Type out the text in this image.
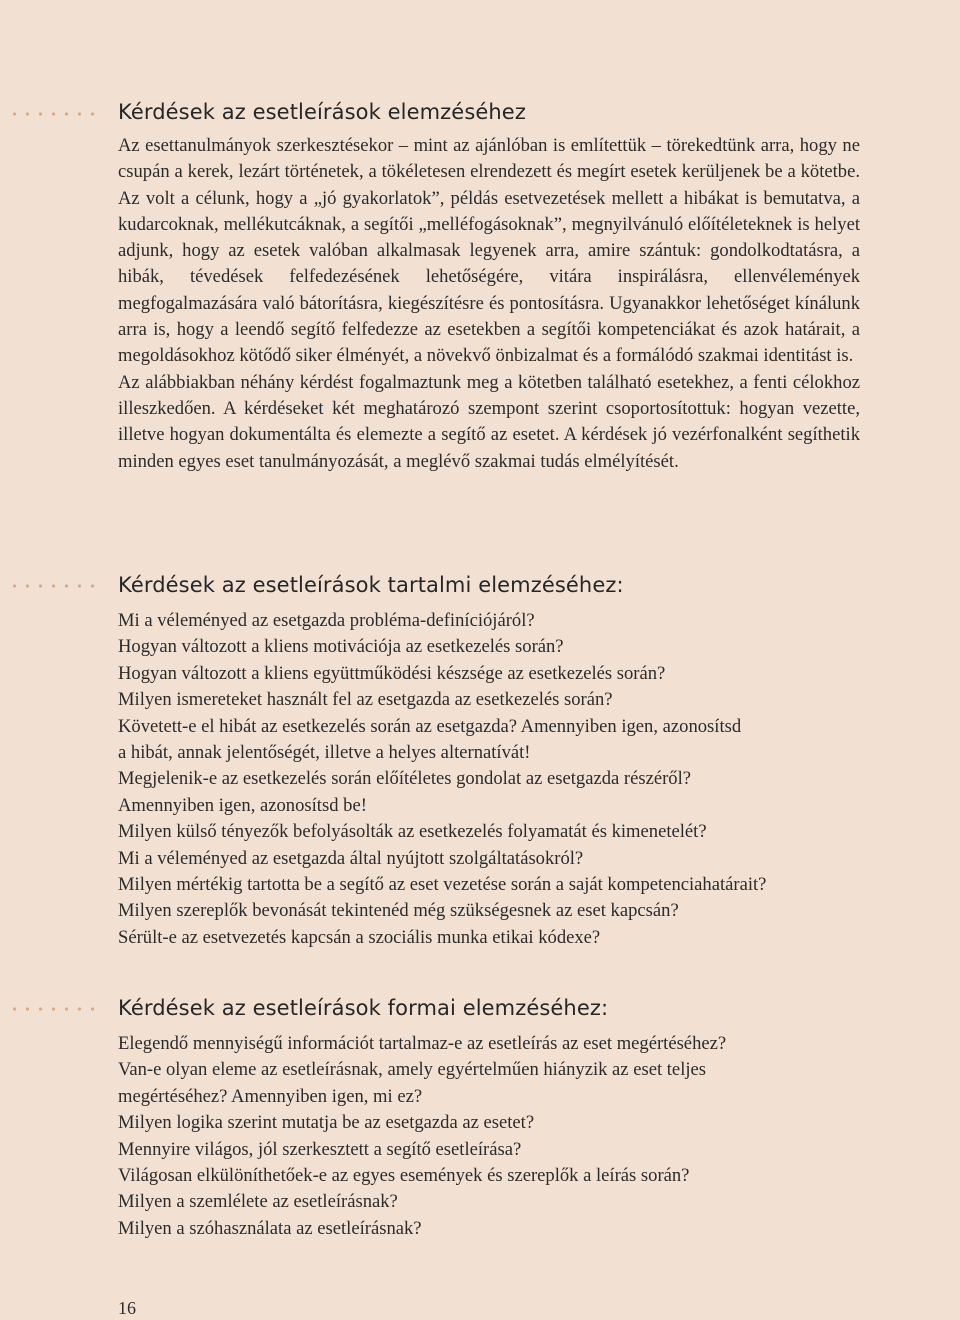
Kérdések az esetleírások elemzéséhez

Az esettanulmányok szerkesztésekor – mint az ajánlóban is említettük – törekedtünk arra, hogy ne csupán a kerek, lezárt történetek, a tökéletesen elrendezett és megírt esetek kerüljenek be a kötetbe. Az volt a célunk, hogy a „jó gyakorlatok”, példás esetvezetések mellett a hibákat is bemutatva, a kudarcoknak, mellékutcáknak, a segítői „melléfogásoknak”, megnyilvánuló előítéleteknek is helyet adjunk, hogy az esetek valóban alkalmasak legyenek arra, amire szántuk: gondolkodtatásra, a hibák, tévedések felfedezésének lehetőségére, vitára inspirálásra, ellenvélemények megfogalmazására való bátorításra, kiegészítésre és pontosításra. Ugyanakkor lehetőséget kínálunk arra is, hogy a leendő segítő felfedezze az esetekben a segítői kompetenciákat és azok határait, a megoldásokhoz kötődő siker élményét, a növekvő önbizalmat és a formálódó szakmai identitást is.

Az alábbiakban néhány kérdést fogalmaztunk meg a kötetben található esetekhez, a fenti célokhoz illeszkedően. A kérdéseket két meghatározó szempont szerint csoportosítottuk: hogyan vezette, illetve hogyan dokumentálta és elemezte a segítő az esetet. A kérdések jó vezérfonalként segíthetik minden egyes eset tanulmányozását, a meglévő szakmai tudás elmélyítését.

Kérdések az esetleírások tartalmi elemzéséhez:
Mi a véleményed az esetgazda probléma-definíciójáról?
Hogyan változott a kliens motivációja az esetkezelés során?
Hogyan változott a kliens együttműködési készsége az esetkezelés során?
Milyen ismereteket használt fel az esetgazda az esetkezelés során?
Követett-e el hibát az esetkezelés során az esetgazda? Amennyiben igen, azonosítsd
a hibát, annak jelentőségét, illetve a helyes alternatívát!
Megjelenik-e az esetkezelés során előítéletes gondolat az esetgazda részéről?
Amennyiben igen, azonosítsd be!
Milyen külső tényezők befolyásolták az esetkezelés folyamatát és kimenetelét?
Mi a véleményed az esetgazda által nyújtott szolgáltatásokról?
Milyen mértékig tartotta be a segítő az eset vezetése során a saját kompetenciahatárait?
Milyen szereplők bevonását tekintenéd még szükségesnek az eset kapcsán?
Sérült-e az esetvezetés kapcsán a szociális munka etikai kódexe?
Kérdések az esetleírások formai elemzéséhez:
Elegendő mennyiségű információt tartalmaz-e az esetleírás az eset megértéséhez?
Van-e olyan eleme az esetleírásnak, amely egyértelműen hiányzik az eset teljes
megértéséhez? Amennyiben igen, mi ez?
Milyen logika szerint mutatja be az esetgazda az esetet?
Mennyire világos, jól szerkesztett a segítő esetleírása?
Világosan elkülöníthetőek-e az egyes események és szereplők a leírás során?
Milyen a szemlélete az esetleírásnak?
Milyen a szóhasználata az esetleírásnak?
16
